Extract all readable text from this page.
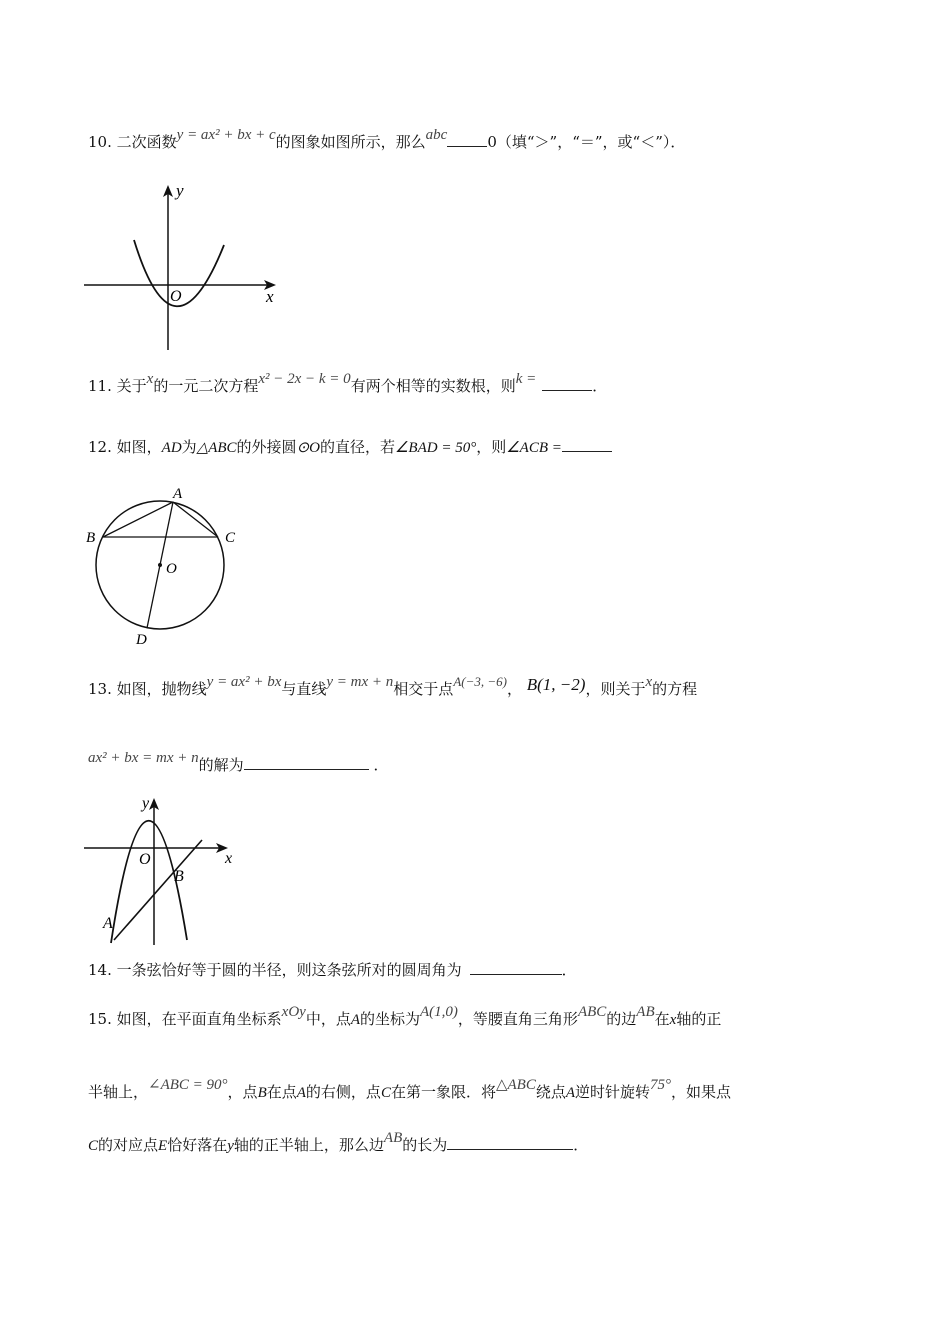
10. 二次函数y = ax² + bx + c的图象如图所示，那么abc	0（填“＞”，“＝”，或“＜”）．
y
x
O
11. 关于x的一元二次方程x² − 2x − k = 0有两个相等的实数根，则k =	．
12. 如图，AD为△ABC的外接圆⊙O的直径，若∠BAD = 50°，则∠ACB =
A
B	C
O
D
13. 如图，抛物线y = ax² + bx与直线y = mx + n相交于点A(−3, −6)， B(1, −2)，则关于x的方程
ax² + bx = mx + n的解为	．
y
x
O
B
A
14. 一条弦恰好等于圆的半径，则这条弦所对的圆周角为	．
15. 如图，在平面直角坐标系xOy中，点A的坐标为A(1,0)，等腰直角三角形ABC的边AB在x轴的正
半轴上，∠ABC = 90°，点B在点A的右侧，点C在第一象限．将△ABC绕点A逆时针旋转75°，如果点
C的对应点E恰好落在y轴的正半轴上，那么边AB的长为	．
